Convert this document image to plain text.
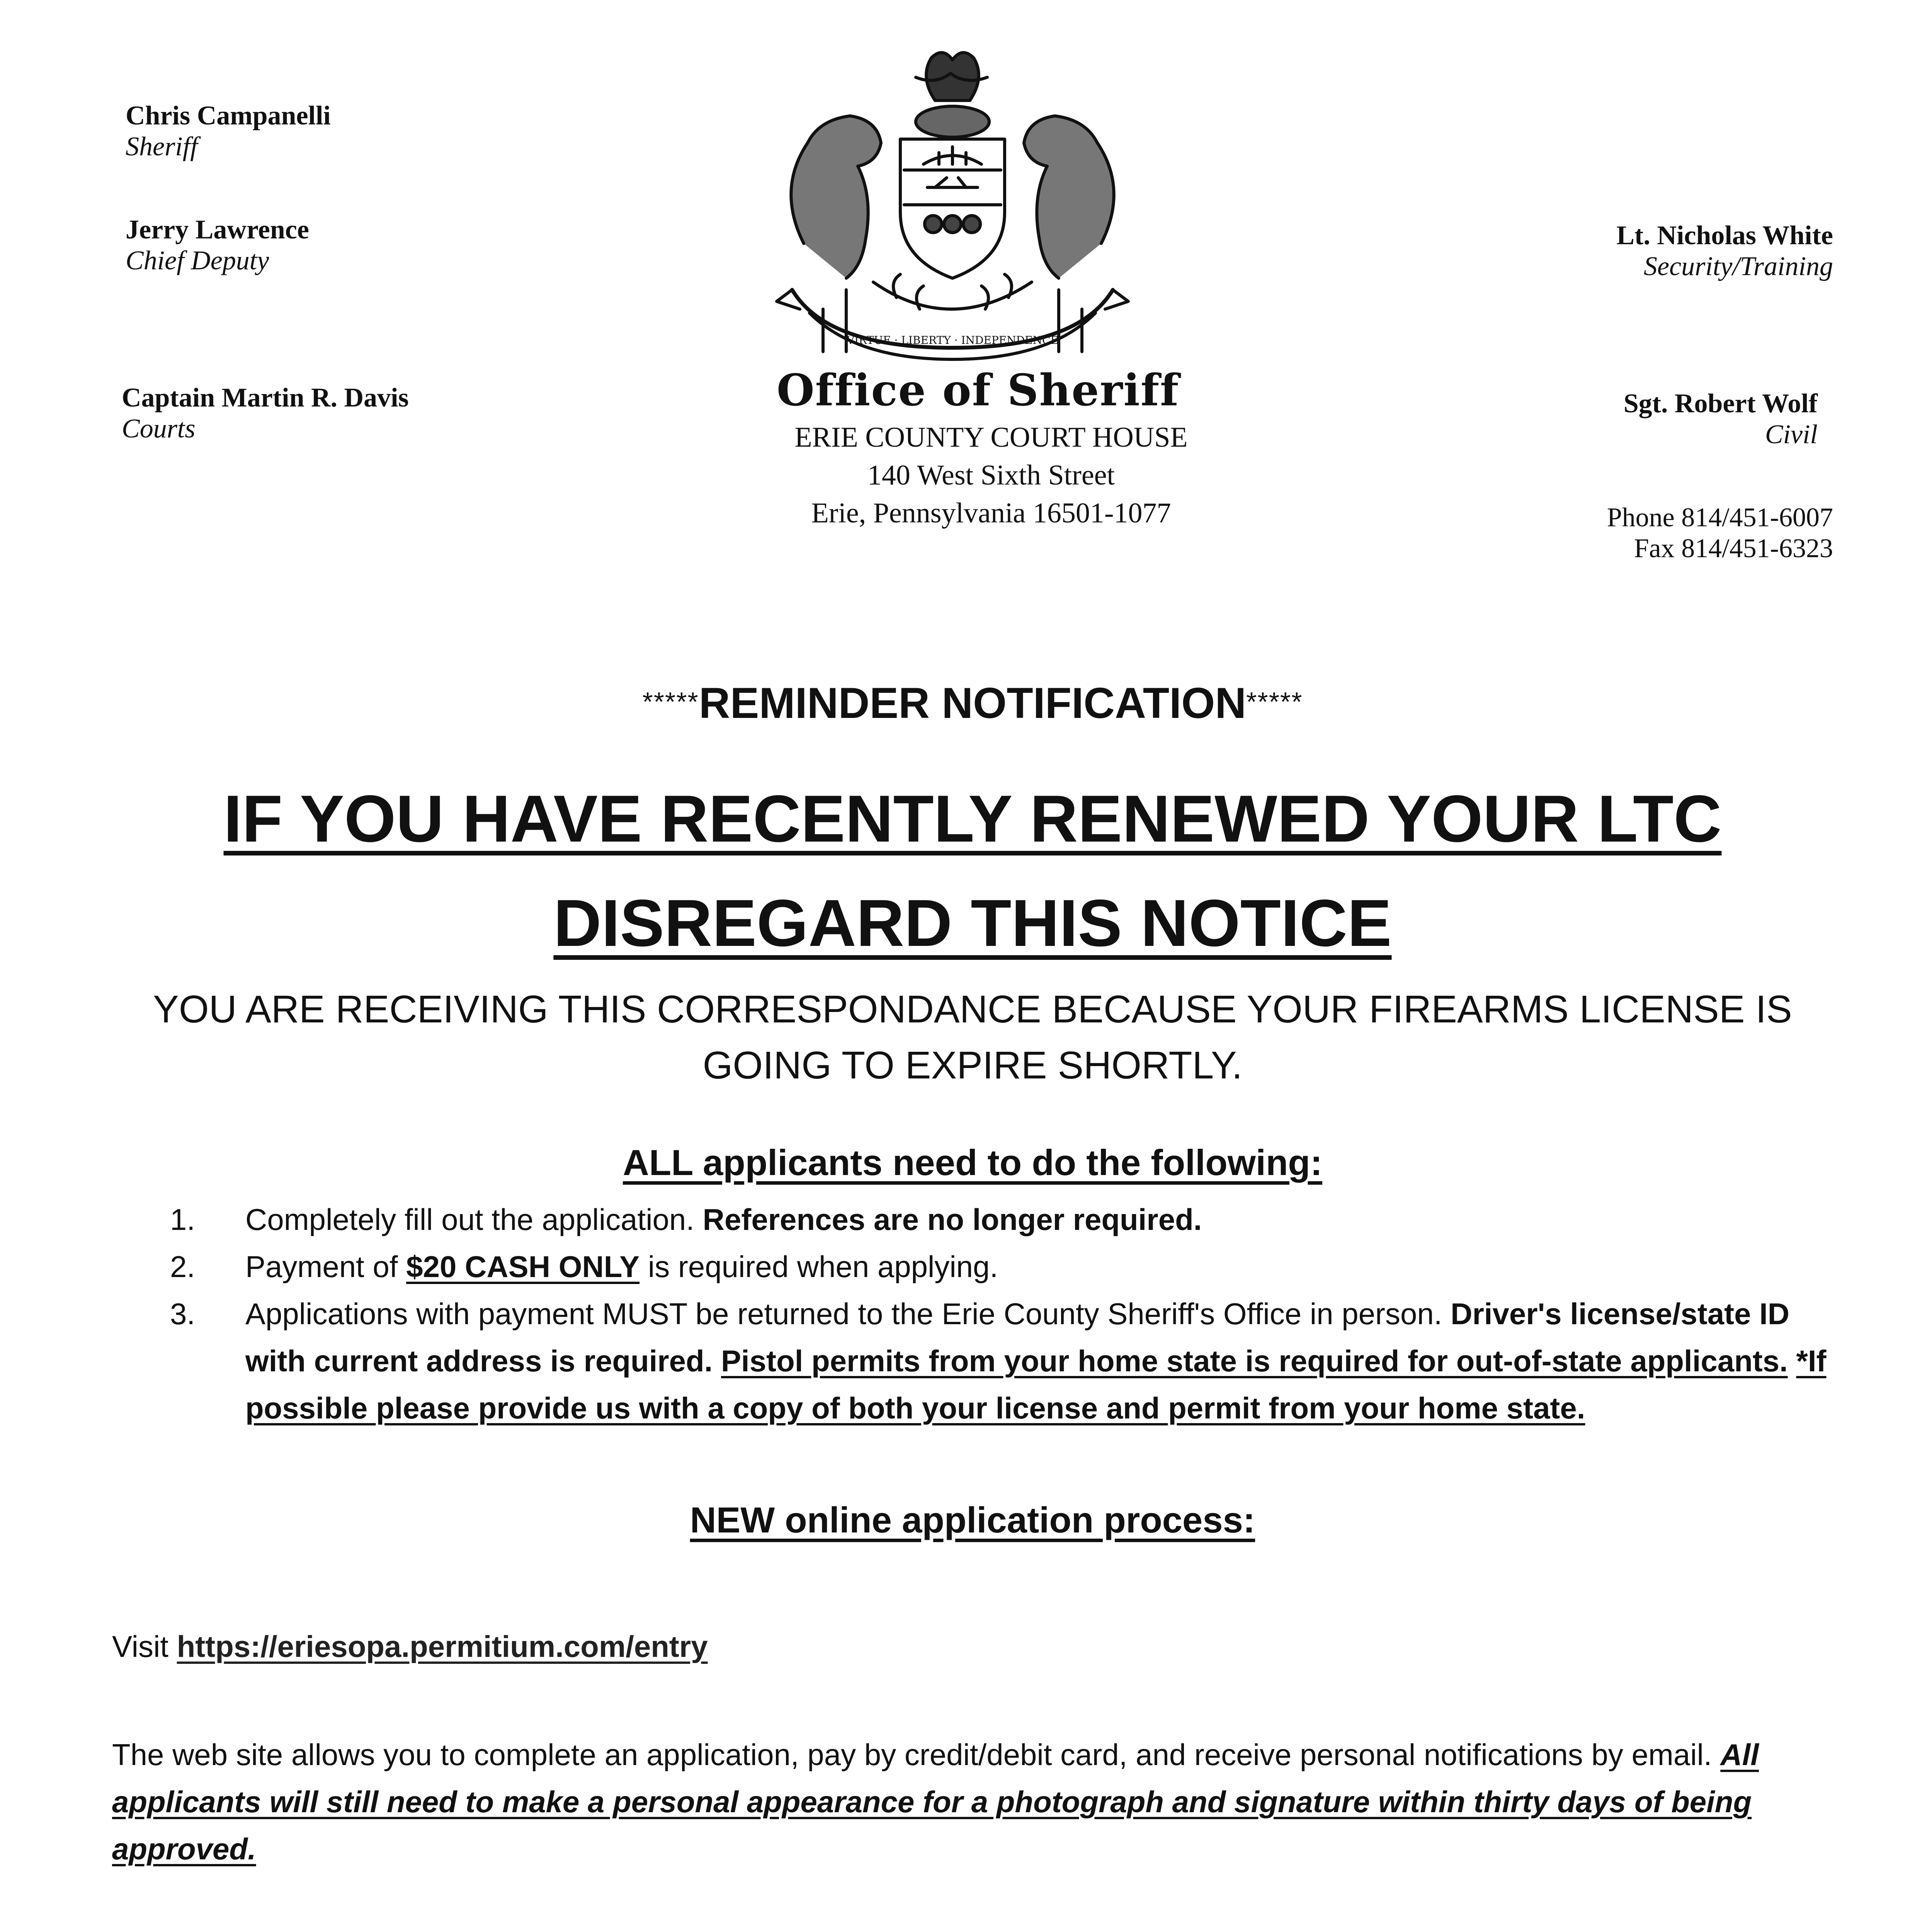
Chris Campanelli
Sheriff
Jerry Lawrence
Chief Deputy
Captain Martin R. Davis
Courts
Lt. Nicholas White
Security/Training
Sgt. Robert Wolf
Civil
Phone 814/451-6007
Fax 814/451-6323
VIRTUE · LIBERTY · INDEPENDENCE
Office of Sheriff
ERIE COUNTY COURT HOUSE
140 West Sixth Street
Erie, Pennsylvania 16501-1077
*****REMINDER NOTIFICATION*****
IF YOU HAVE RECENTLY RENEWED YOUR LTC
DISREGARD THIS NOTICE
YOU ARE RECEIVING THIS CORRESPONDANCE BECAUSE YOUR FIREARMS LICENSE IS
GOING TO EXPIRE SHORTLY.
ALL applicants need to do the following:
1. Completely fill out the application. References are no longer required.
2. Payment of $20 CASH ONLY is required when applying.
3. Applications with payment MUST be returned to the Erie County Sheriff's Office in person. Driver's license/state ID with current address is required. Pistol permits from your home state is required for out-of-state applicants. *If possible please provide us with a copy of both your license and permit from your home state.
NEW online application process:
Visit https://eriesopa.permitium.com/entry
The web site allows you to complete an application, pay by credit/debit card, and receive personal notifications by email. All applicants will still need to make a personal appearance for a photograph and signature within thirty days of being approved.
